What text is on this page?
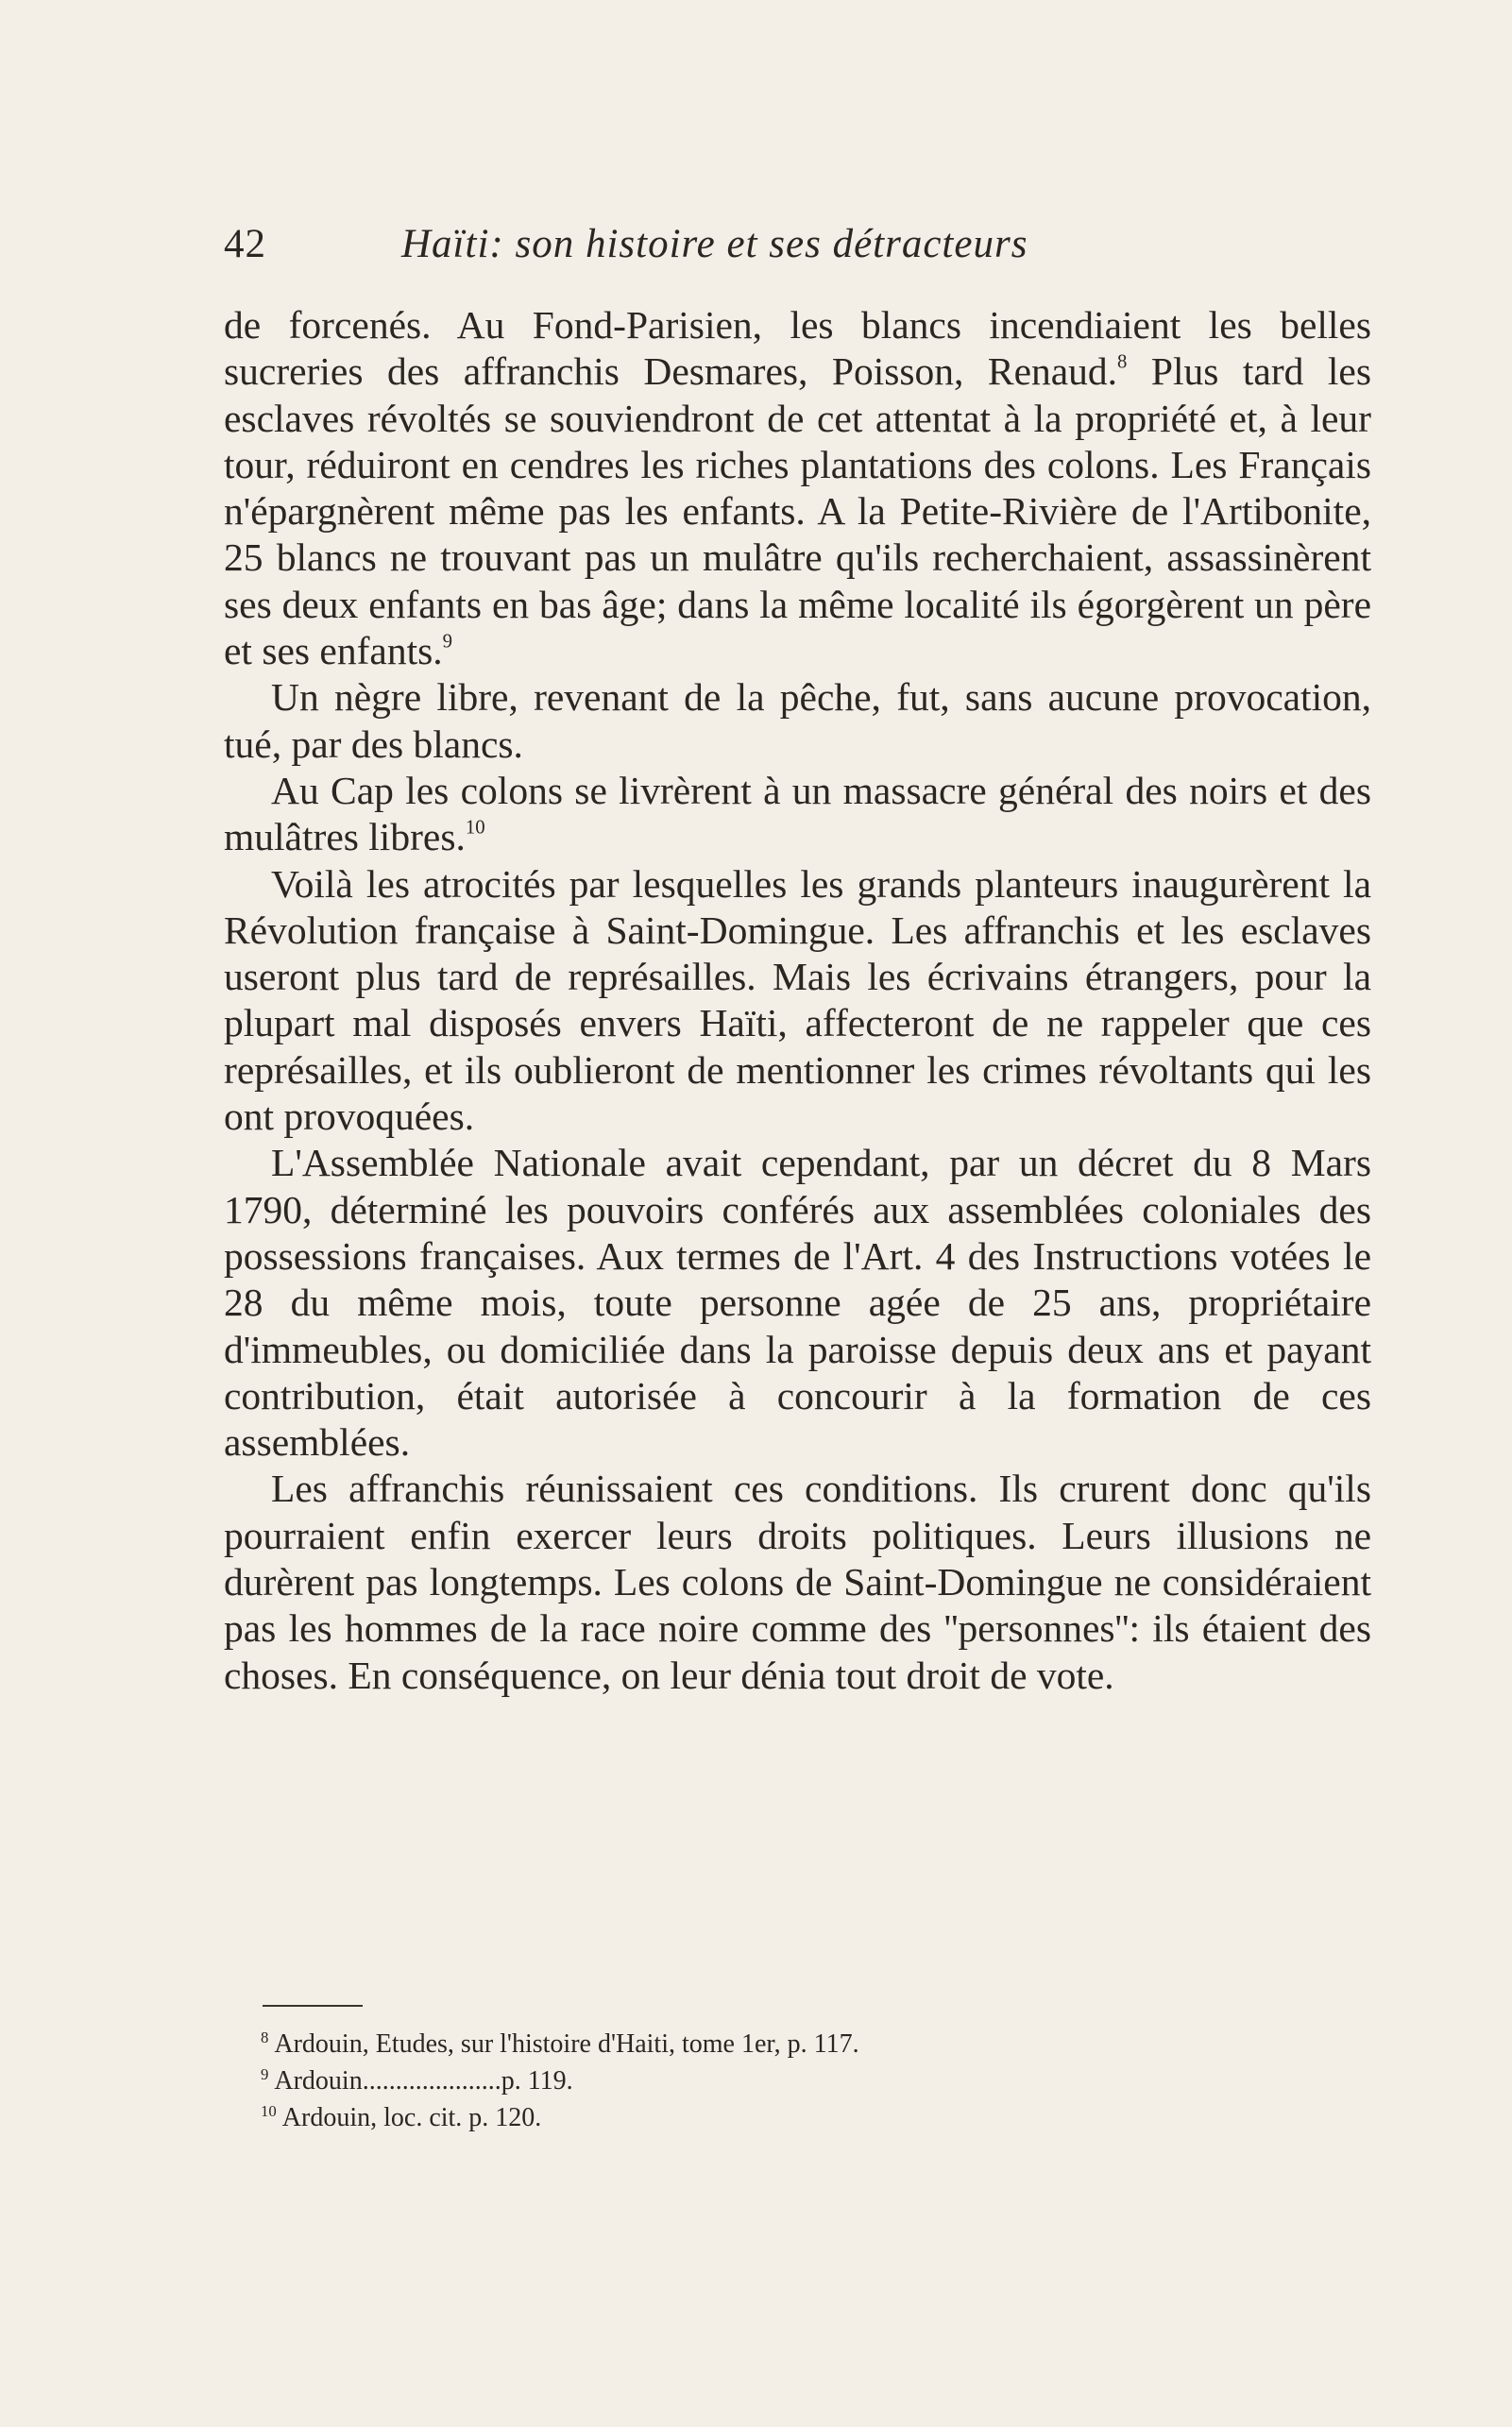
42	Haïti: son histoire et ses détracteurs

de forcenés. Au Fond-Parisien, les blancs incendiaient les belles sucreries des affranchis Desmares, Poisson, Renaud.$^8$ Plus tard les esclaves révoltés se souviendront de cet attentat à la propriété et, à leur tour, réduiront en cendres les riches plantations des colons. Les Français n'épargnèrent même pas les enfants. A la Petite-Rivière de l'Artibonite, 25 blancs ne trouvant pas un mulâtre qu'ils recherchaient, assassinèrent ses deux enfants en bas âge; dans la même localité ils égorgèrent un père et ses enfants.$^9$

Un nègre libre, revenant de la pêche, fut, sans aucune provocation, tué, par des blancs.

Au Cap les colons se livrèrent à un massacre général des noirs et des mulâtres libres.$^{10}$

Voilà les atrocités par lesquelles les grands planteurs inaugurèrent la Révolution française à Saint-Domingue. Les affranchis et les esclaves useront plus tard de représailles. Mais les écrivains étrangers, pour la plupart mal disposés envers Haïti, affecteront de ne rappeler que ces représailles, et ils oublieront de mentionner les crimes révoltants qui les ont provoquées.

L'Assemblée Nationale avait cependant, par un décret du 8 Mars 1790, déterminé les pouvoirs conférés aux assemblées coloniales des possessions françaises. Aux termes de l'Art. 4 des Instructions votées le 28 du même mois, toute personne agée de 25 ans, propriétaire d'immeubles, ou domiciliée dans la paroisse depuis deux ans et payant contribution, était autorisée à concourir à la formation de ces assemblées.

Les affranchis réunissaient ces conditions. Ils crurent donc qu'ils pourraient enfin exercer leurs droits politiques. Leurs illusions ne durèrent pas longtemps. Les colons de Saint-Domingue ne considéraient pas les hommes de la race noire comme des ''personnes'': ils étaient des choses. En conséquence, on leur dénia tout droit de vote.

$^8$ Ardouin, Etudes, sur l'histoire d'Haiti, tome 1er, p. 117.
$^9$ Ardouin.....................p. 119.
$^{10}$ Ardouin, loc. cit. p. 120.
